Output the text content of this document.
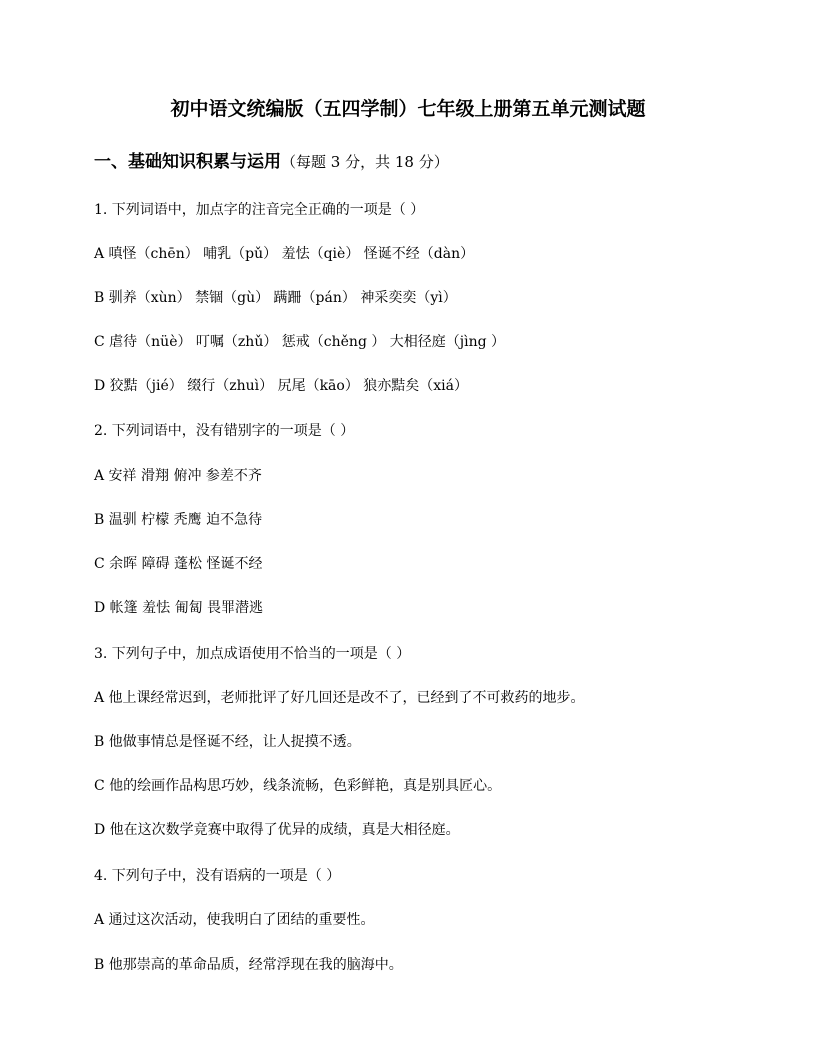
初中语文统编版（五四学制）七年级上册第五单元测试题
一、基础知识积累与运用（每题 3 分，共 18 分）
1. 下列词语中，加点字的注音完全正确的一项是（ ）
A 嗔怪（chēn） 哺乳（pǔ） 羞怯（qiè） 怪诞不经（dàn）
B 驯养（xùn） 禁锢（gù） 蹒跚（pán） 神采奕奕（yì）
C 虐待（nüè） 叮嘱（zhǔ） 惩戒（chěng ） 大相径庭（jìng ）
D 狡黠（jié） 缀行（zhuì） 尻尾（kāo） 狼亦黠矣（xiá）
2. 下列词语中，没有错别字的一项是（ ）
A 安祥 滑翔 俯冲 参差不齐
B 温驯 柠檬 秃鹰 迫不急待
C 余晖 障碍 蓬松 怪诞不经
D 帐篷 羞怯 匍匐 畏罪潜逃
3. 下列句子中，加点成语使用不恰当的一项是（ ）
A 他上课经常迟到，老师批评了好几回还是改不了，已经到了不可救药的地步。
B 他做事情总是怪诞不经，让人捉摸不透。
C 他的绘画作品构思巧妙，线条流畅，色彩鲜艳，真是别具匠心。
D 他在这次数学竞赛中取得了优异的成绩，真是大相径庭。
4. 下列句子中，没有语病的一项是（ ）
A 通过这次活动，使我明白了团结的重要性。
B 他那崇高的革命品质，经常浮现在我的脑海中。
